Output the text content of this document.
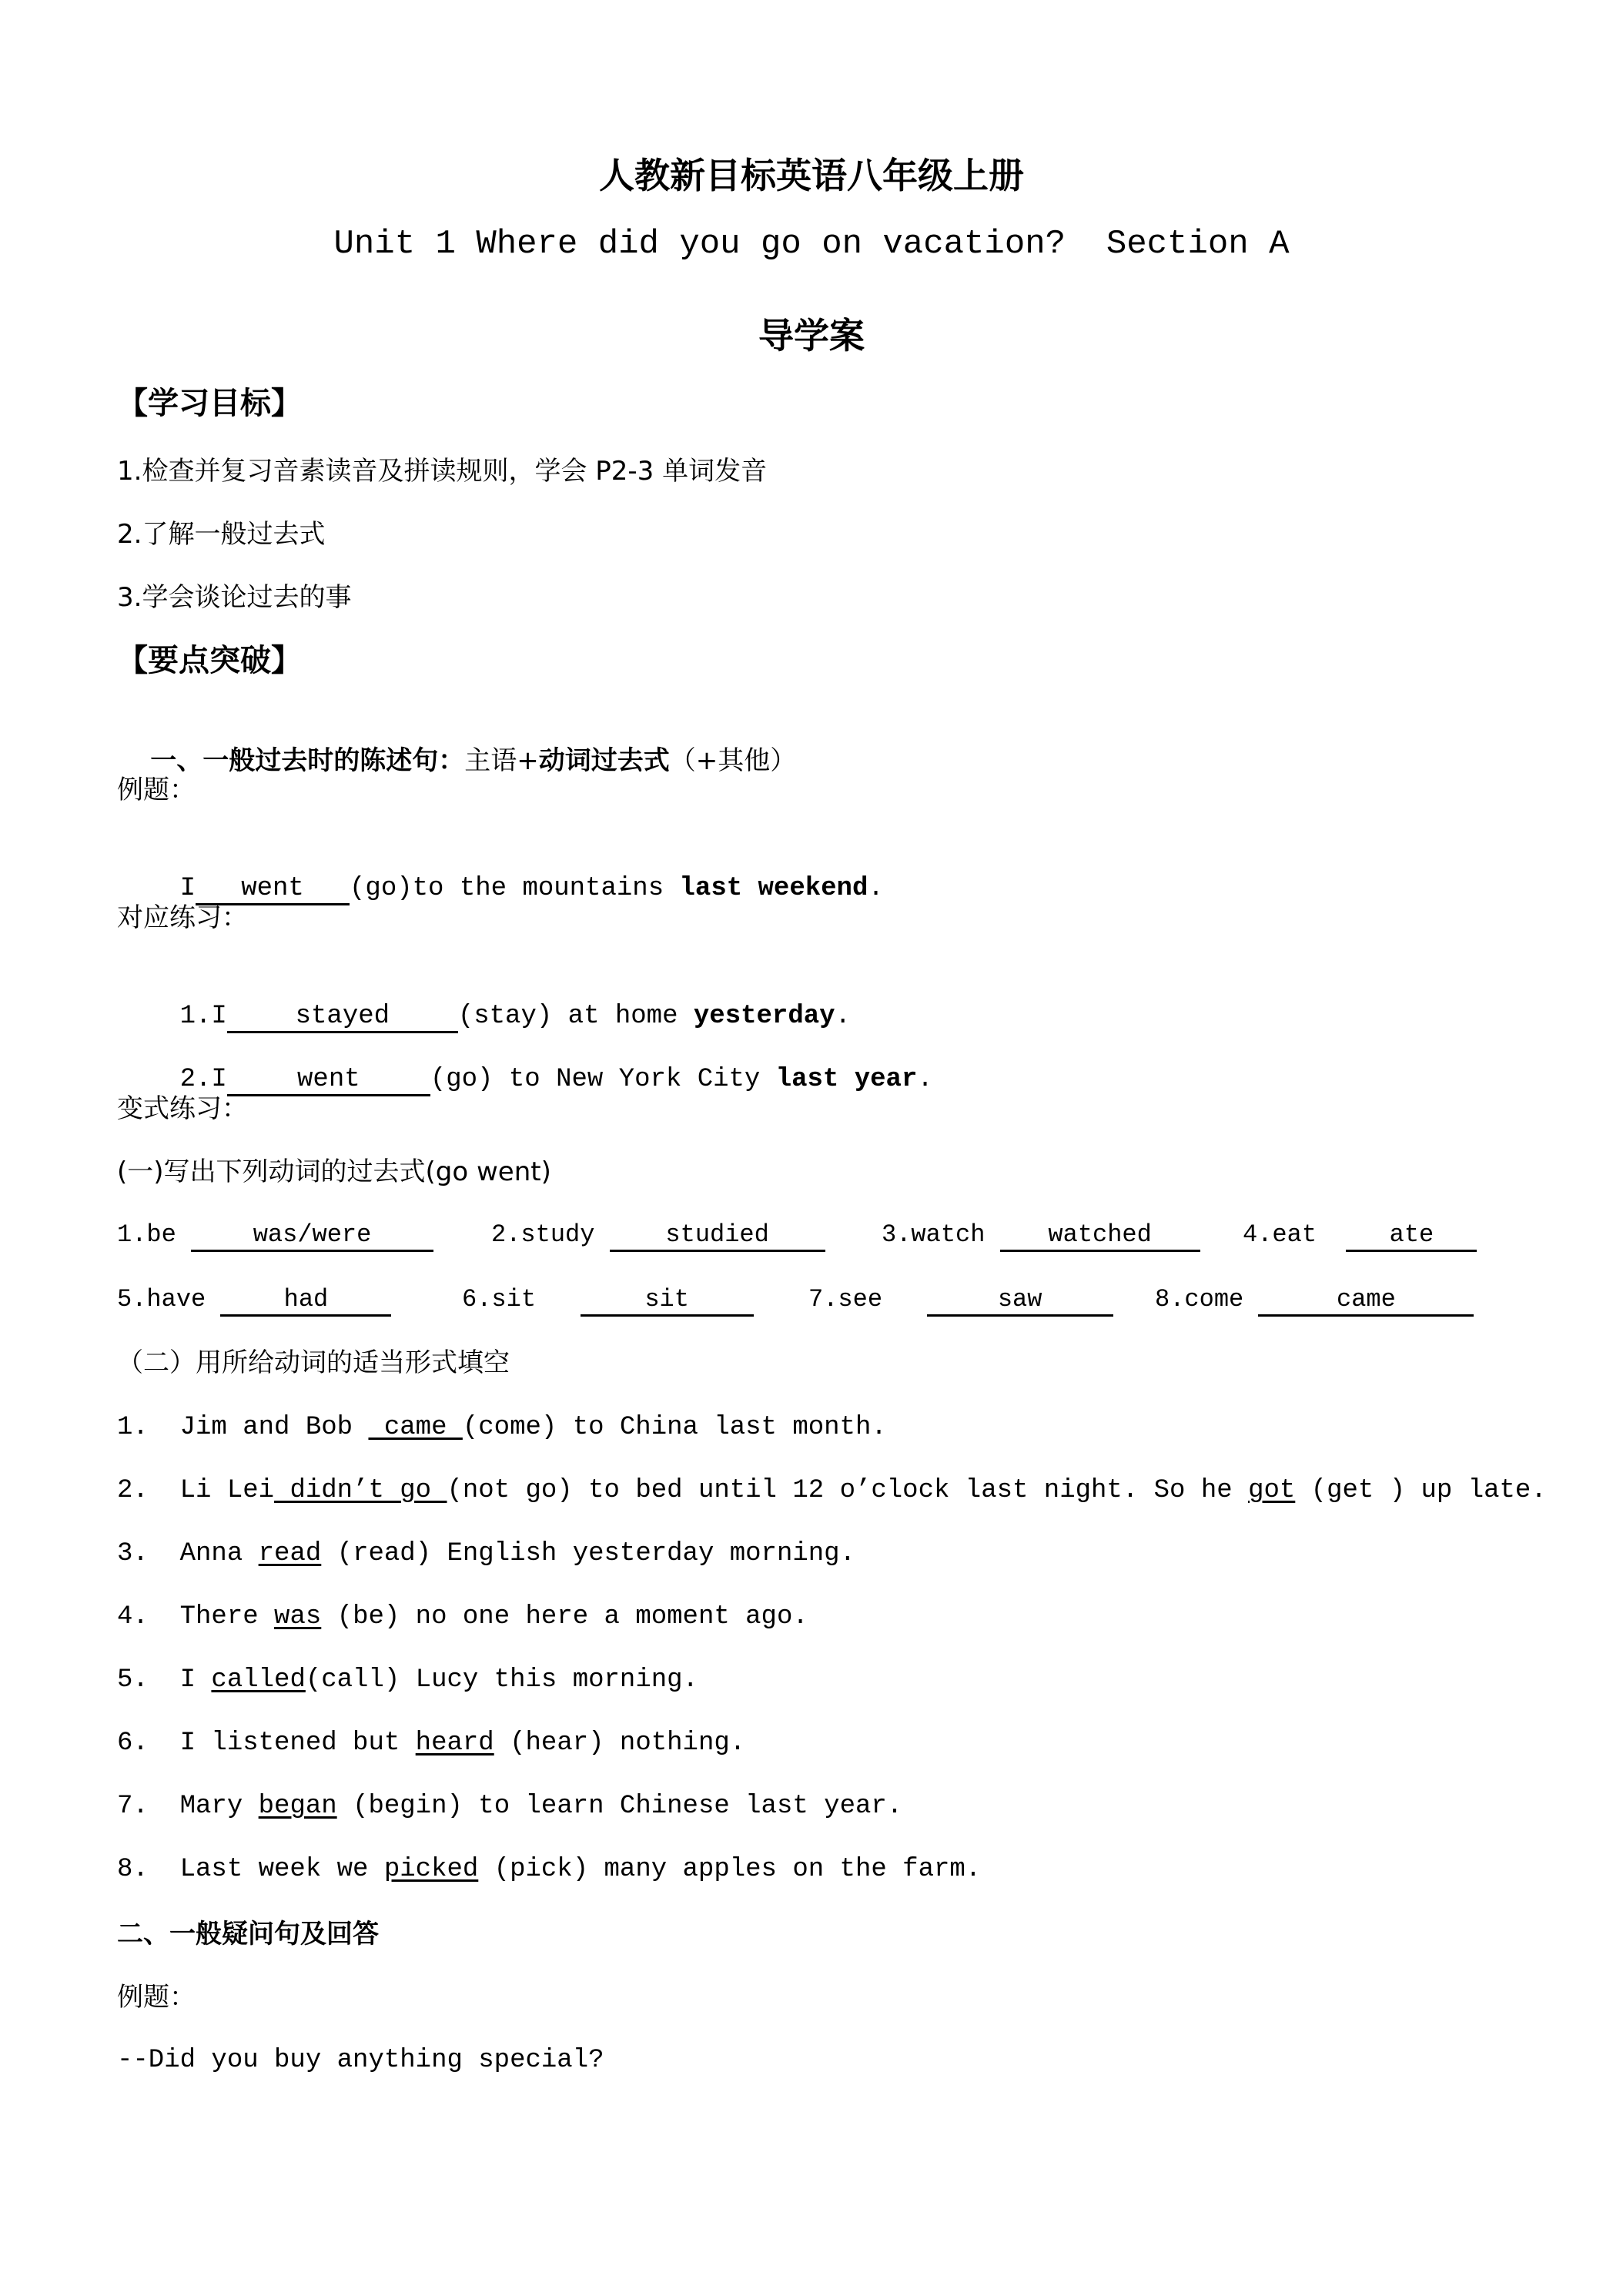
人教新目标英语八年级上册
Unit 1 Where did you go on vacation?  Section A
导学案
【学习目标】
1.检查并复习音素读音及拼读规则，学会 P2-3 单词发音
2.了解一般过去式
3.学会谈论过去的事
【要点突破】

一、一般过去时的陈述句：主语+动词过去式（+其他）

例题：

I went (go)to the mountains last weekend.

对应练习：

1.I	stayed	(stay) at home yesterday.

2.I	went	(go) to New York City last year.

变式练习：
(一)写出下列动词的过去式(go went)
1.be	was/were	2.study	studied	3.watch	watched	4.eat	ate
5.have	had	6.sit	sit	7.see	saw	8.come	came
（二）用所给动词的适当形式填空
1.  Jim and Bob  came (come) to China last month.
2.  Li Lei didn’t go (not go) to bed until 12 o’clock last night. So he got (get ) up late.
3.  Anna read (read) English yesterday morning.
4.  There was (be) no one here a moment ago.
5.  I called(call) Lucy this morning.
6.  I listened but heard (hear) nothing.
7.  Mary began (begin) to learn Chinese last year.
8.  Last week we picked (pick) many apples on the farm.
二、一般疑问句及回答
例题：
--Did you buy anything special?
